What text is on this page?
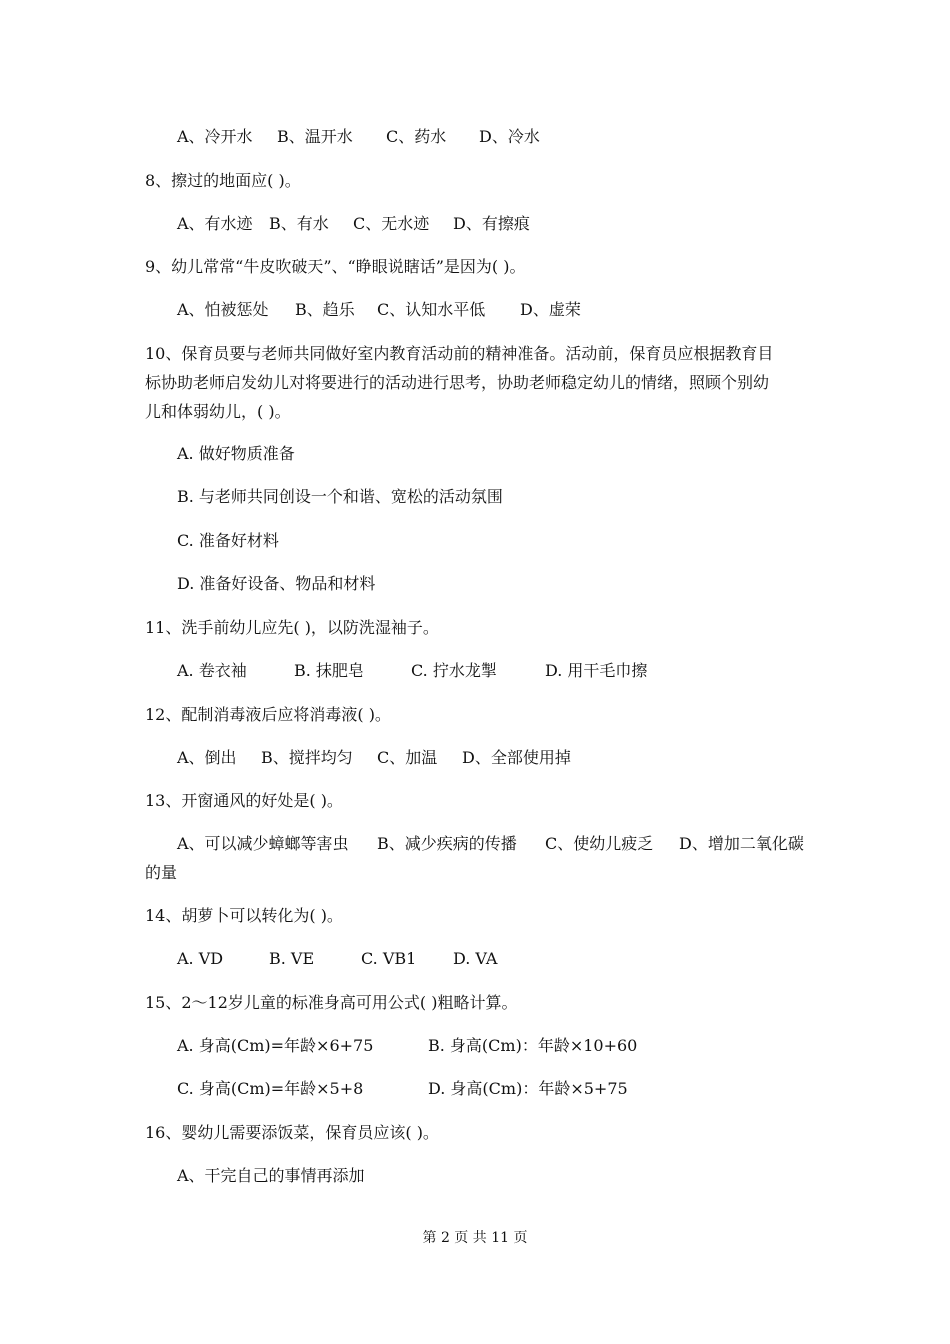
A、冷开水 B、温开水 C、药水 D、冷水
8、擦过的地面应( )。
A、有水迹 B、有水 C、无水迹 D、有擦痕
9、幼儿常常“牛皮吹破天”、“睁眼说瞎话”是因为( )。
A、怕被惩处 B、趋乐 C、认知水平低 D、虚荣
10、保育员要与老师共同做好室内教育活动前的精神准备。活动前，保育员应根据教育目
标协助老师启发幼儿对将要进行的活动进行思考，协助老师稳定幼儿的情绪，照顾个别幼
儿和体弱幼儿，( )。
A. 做好物质准备
B. 与老师共同创设一个和谐、宽松的活动氛围
C. 准备好材料
D. 准备好设备、物品和材料
11、洗手前幼儿应先( )，以防洗湿袖子。
A. 卷衣袖	B. 抹肥皂	C. 拧水龙掣	D. 用干毛巾擦
12、配制消毒液后应将消毒液( )。
A、倒出 B、搅拌均匀 C、加温 D、全部使用掉
13、开窗通风的好处是( )。
A、可以减少蟑螂等害虫 B、减少疾病的传播 C、使幼儿疲乏 D、增加二氧化碳
的量
14、胡萝卜可以转化为( )。
A. VD	B. VE	C. VB1 D. VA
15、2～12岁儿童的标准身高可用公式( )粗略计算。
A. 身高(Cm)=年龄×6+75	B. 身高(Cm)：年龄×10+60
C. 身高(Cm)=年龄×5+8	D. 身高(Cm)：年龄×5+75
16、婴幼儿需要添饭菜，保育员应该( )。
A、干完自己的事情再添加
第 2 页 共 11 页
